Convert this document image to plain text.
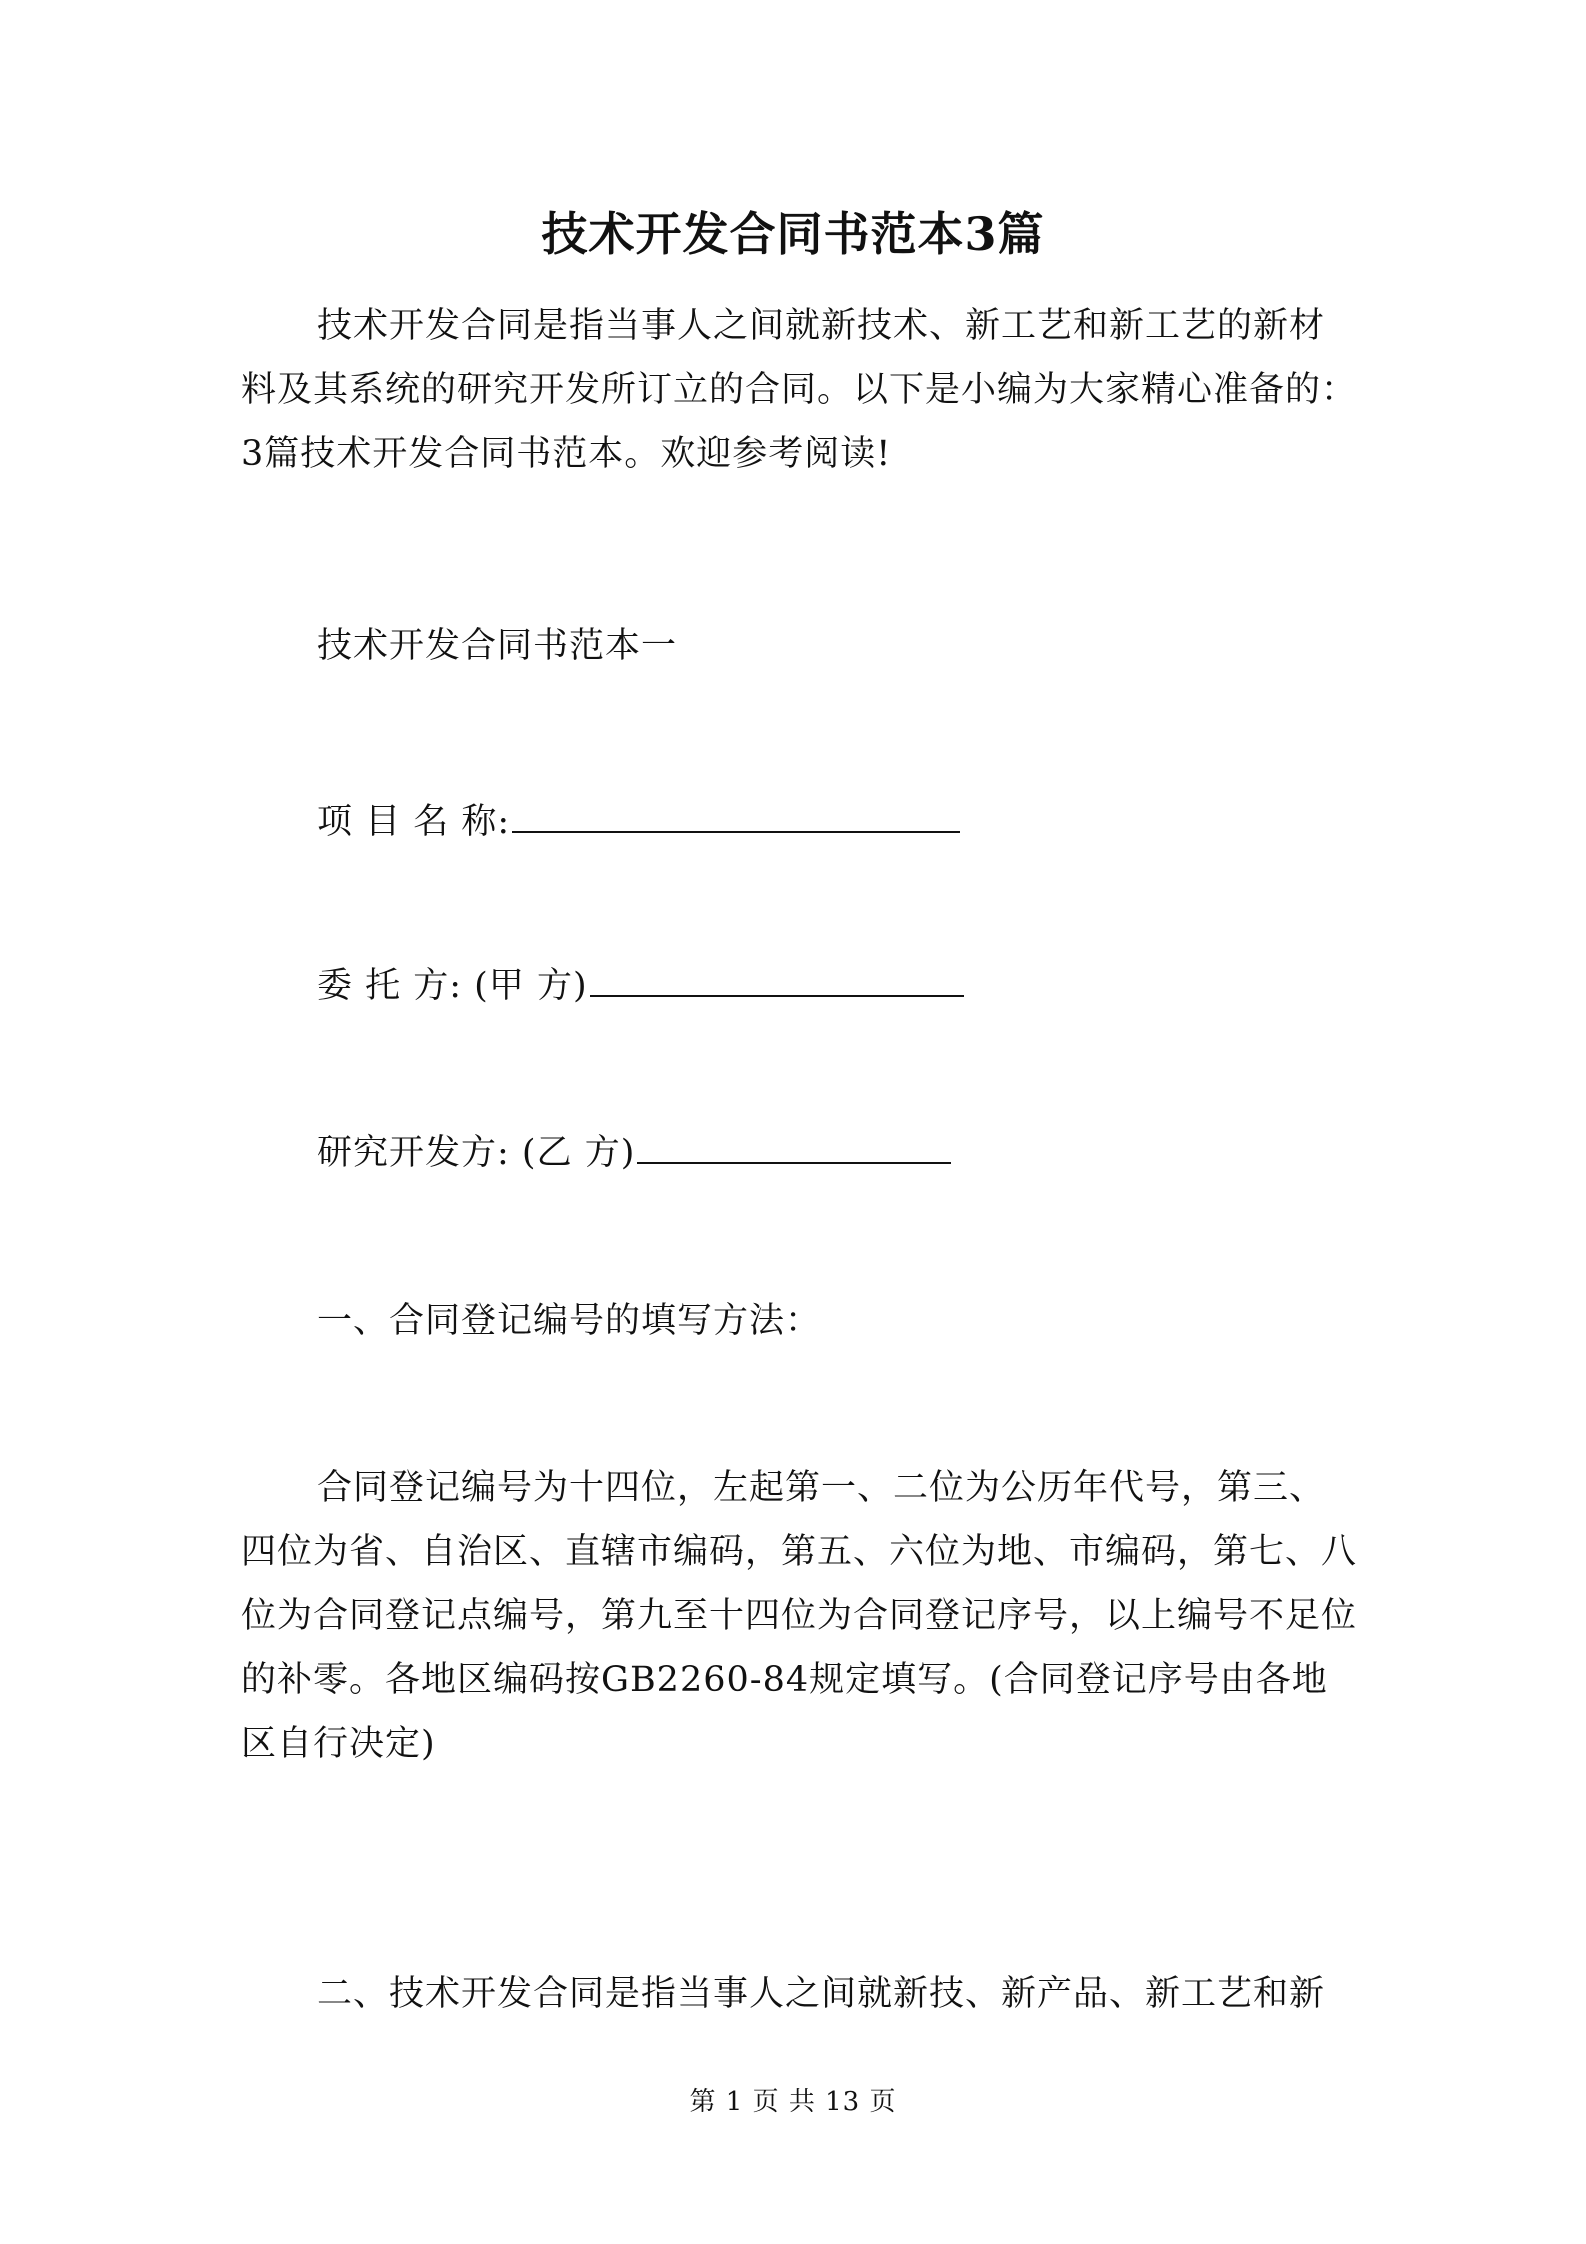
技术开发合同书范本3篇
技术开发合同是指当事人之间就新技术、新工艺和新工艺的新材料及其系统的研究开发所订立的合同。以下是小编为大家精心准备的：3篇技术开发合同书范本。欢迎参考阅读!
技术开发合同书范本一
项 目 名 称:
委 托 方: (甲 方)
研究开发方: (乙 方)
一、合同登记编号的填写方法：
合同登记编号为十四位，左起第一、二位为公历年代号，第三、四位为省、自治区、直辖市编码，第五、六位为地、市编码，第七、八位为合同登记点编号，第九至十四位为合同登记序号，以上编号不足位的补零。各地区编码按GB2260-84规定填写。(合同登记序号由各地区自行决定)
二、技术开发合同是指当事人之间就新技、新产品、新工艺和新
第 1 页 共 13 页
